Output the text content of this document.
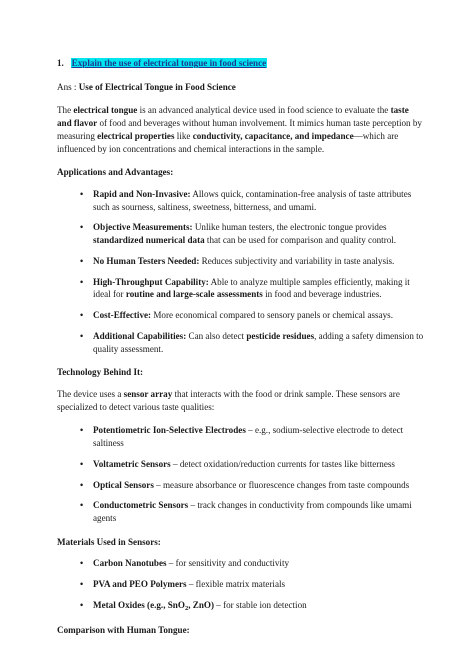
1. Explain the use of electrical tongue in food science
Ans : Use of Electrical Tongue in Food Science

The electrical tongue is an advanced analytical device used in food science to evaluate the taste and flavor of food and beverages without human involvement. It mimics human taste perception by measuring electrical properties like conductivity, capacitance, and impedance—which are influenced by ion concentrations and chemical interactions in the sample.

Applications and Advantages:
• Rapid and Non-Invasive: Allows quick, contamination-free analysis of taste attributes such as sourness, saltiness, sweetness, bitterness, and umami.
• Objective Measurements: Unlike human testers, the electronic tongue provides standardized numerical data that can be used for comparison and quality control.
• No Human Testers Needed: Reduces subjectivity and variability in taste analysis.
• High-Throughput Capability: Able to analyze multiple samples efficiently, making it ideal for routine and large-scale assessments in food and beverage industries.
• Cost-Effective: More economical compared to sensory panels or chemical assays.
• Additional Capabilities: Can also detect pesticide residues, adding a safety dimension to quality assessment.
Technology Behind It:

The device uses a sensor array that interacts with the food or drink sample. These sensors are specialized to detect various taste qualities:

• Potentiometric Ion-Selective Electrodes – e.g., sodium-selective electrode to detect saltiness
• Voltametric Sensors – detect oxidation/reduction currents for tastes like bitterness
• Optical Sensors – measure absorbance or fluorescence changes from taste compounds
• Conductometric Sensors – track changes in conductivity from compounds like umami agents
Materials Used in Sensors:
• Carbon Nanotubes – for sensitivity and conductivity
• PVA and PEO Polymers – flexible matrix materials
• Metal Oxides (e.g., SnO$_2$, ZnO) – for stable ion detection
Comparison with Human Tongue:
